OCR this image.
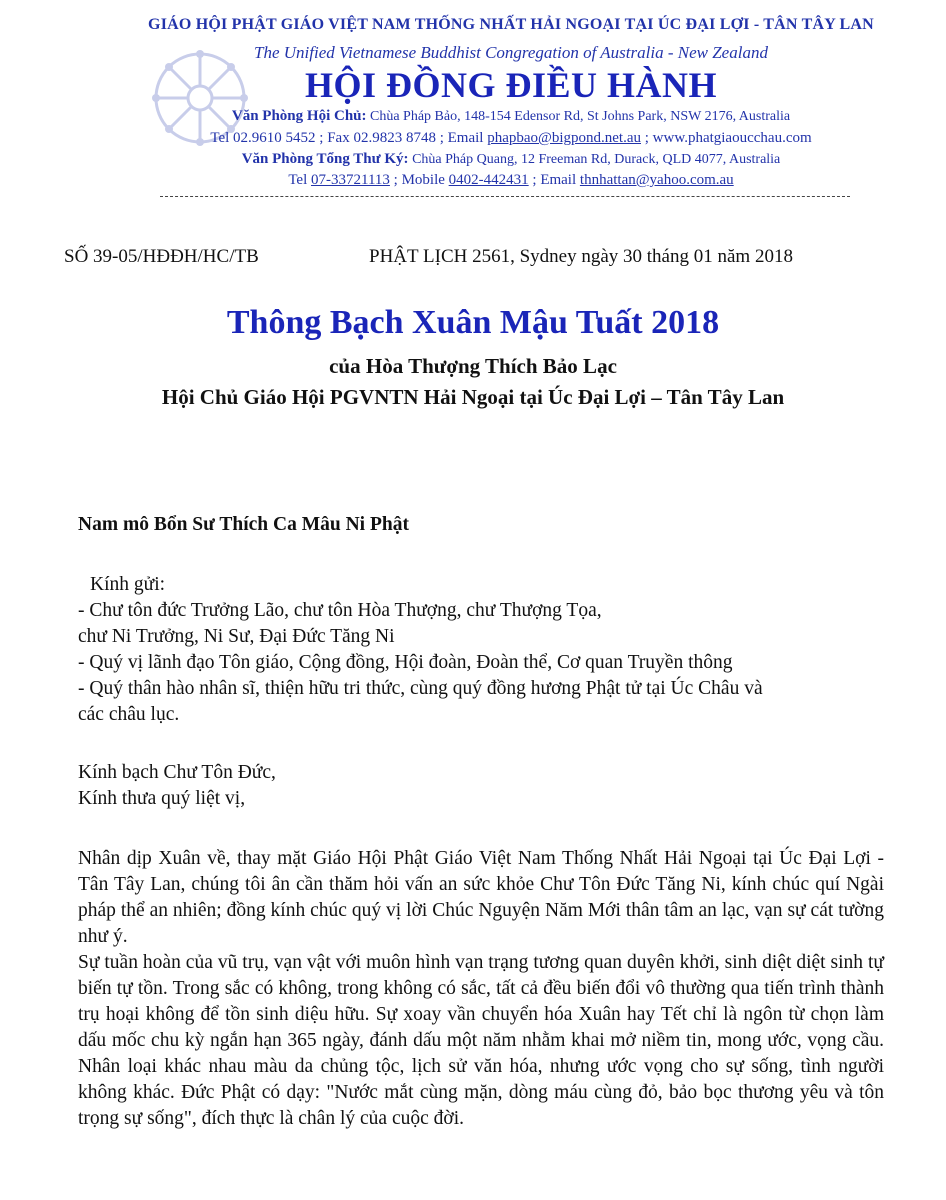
GIÁO HỘI PHẬT GIÁO VIỆT NAM THỐNG NHẤT HẢI NGOẠI TẠI ÚC ĐẠI LỢI - TÂN TÂY LAN
The Unified Vietnamese Buddhist Congregation of Australia - New Zealand
HỘI ĐỒNG ĐIỀU HÀNH
Văn Phòng Hội Chủ: Chùa Pháp Bảo, 148-154 Edensor Rd, St Johns Park, NSW 2176, Australia
Tel 02.9610 5452 ; Fax 02.9823 8748 ; Email phapbao@bigpond.net.au ; www.phatgiaoucchau.com
Văn Phòng Tổng Thư Ký: Chùa Pháp Quang, 12 Freeman Rd, Durack, QLD 4077, Australia
Tel 07-33721113 ; Mobile 0402-442431 ; Email thnhattan@yahoo.com.au
SỐ 39-05/HĐĐH/HC/TB	PHẬT LỊCH 2561, Sydney ngày 30 tháng 01 năm 2018
Thông Bạch Xuân Mậu Tuất 2018
của Hòa Thượng Thích Bảo Lạc
Hội Chủ Giáo Hội PGVNTN Hải Ngoại tại Úc Đại Lợi – Tân Tây Lan
Nam mô Bổn Sư Thích Ca Mâu Ni Phật
Kính gửi:
- Chư tôn đức Trưởng Lão, chư tôn Hòa Thượng, chư Thượng Tọa,
chư Ni Trưởng, Ni Sư, Đại Đức Tăng Ni
- Quý vị lãnh đạo Tôn giáo, Cộng đồng, Hội đoàn, Đoàn thể, Cơ quan Truyền thông
- Quý thân hào nhân sĩ, thiện hữu tri thức, cùng quý đồng hương Phật tử tại Úc Châu và
các châu lục.
Kính bạch Chư Tôn Đức,
Kính thưa quý liệt vị,
Nhân dịp Xuân về, thay mặt Giáo Hội Phật Giáo Việt Nam Thống Nhất Hải Ngoại tại Úc Đại Lợi - Tân Tây Lan, chúng tôi ân cần thăm hỏi vấn an sức khỏe Chư Tôn Đức Tăng Ni, kính chúc quí Ngài pháp thể an nhiên; đồng kính chúc quý vị lời Chúc Nguyện Năm Mới thân tâm an lạc, vạn sự cát tường như ý.
Sự tuần hoàn của vũ trụ, vạn vật với muôn hình vạn trạng tương quan duyên khởi, sinh diệt diệt sinh tự biến tự tồn. Trong sắc có không, trong không có sắc, tất cả đều biến đổi vô thường qua tiến trình thành trụ hoại không để tồn sinh diệu hữu. Sự xoay vần chuyển hóa Xuân hay Tết chỉ là ngôn từ chọn làm dấu mốc chu kỳ ngắn hạn 365 ngày, đánh dấu một năm nhằm khai mở niềm tin, mong ước, vọng cầu. Nhân loại khác nhau màu da chủng tộc, lịch sử văn hóa, nhưng ước vọng cho sự sống, tình người không khác. Đức Phật có dạy: "Nước mắt cùng mặn, dòng máu cùng đỏ, bảo bọc thương yêu và tôn trọng sự sống", đích thực là chân lý của cuộc đời.
